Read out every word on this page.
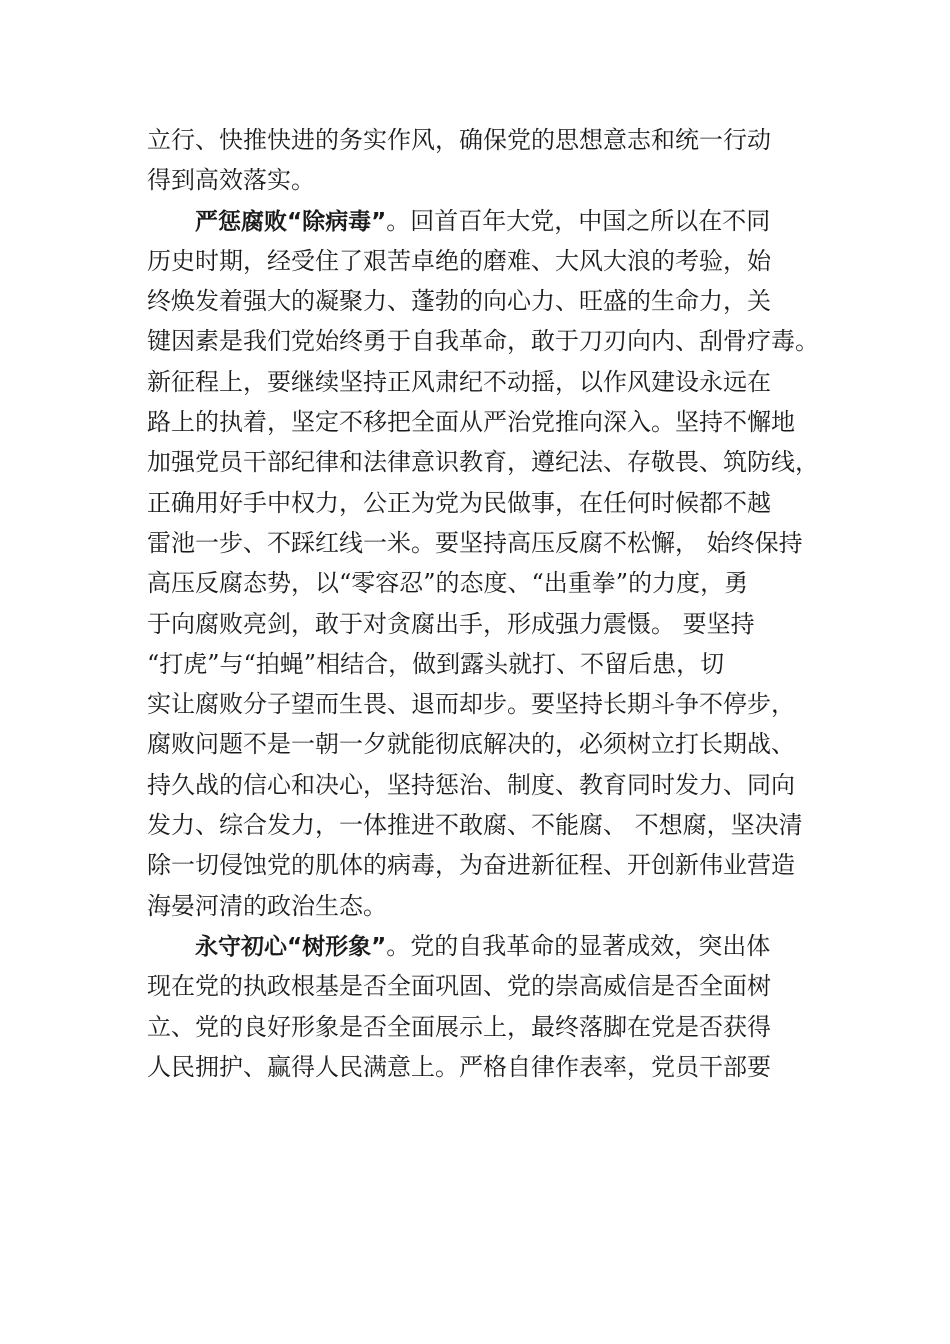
立行、快推快进的务实作风，确保党的思想意志和统一行动
得到高效落实。
严惩腐败“除病毒”。回首百年大党，中国之所以在不同
历史时期，经受住了艰苦卓绝的磨难、大风大浪的考验，始
终焕发着强大的凝聚力、蓬勃的向心力、旺盛的生命力，关
键因素是我们党始终勇于自我革命，敢于刀刃向内、刮骨疗毒。
新征程上，要继续坚持正风肃纪不动摇，以作风建设永远在
路上的执着，坚定不移把全面从严治党推向深入。坚持不懈地
加强党员干部纪律和法律意识教育，遵纪法、存敬畏、筑防线，
正确用好手中权力，公正为党为民做事，在任何时候都不越
雷池一步、不踩红线一米。要坚持高压反腐不松懈， 始终保持
高压反腐态势，以“零容忍”的态度、“出重拳”的力度，勇
于向腐败亮剑，敢于对贪腐出手，形成强力震慑。 要坚持
“打虎”与“拍蝇”相结合，做到露头就打、不留后患，切
实让腐败分子望而生畏、退而却步。要坚持长期斗争不停步，
腐败问题不是一朝一夕就能彻底解决的，必须树立打长期战、
持久战的信心和决心，坚持惩治、制度、教育同时发力、同向
发力、综合发力，一体推进不敢腐、不能腐、 不想腐，坚决清
除一切侵蚀党的肌体的病毒，为奋进新征程、开创新伟业营造
海晏河清的政治生态。
永守初心“树形象”。党的自我革命的显著成效，突出体
现在党的执政根基是否全面巩固、党的崇高威信是否全面树
立、党的良好形象是否全面展示上，最终落脚在党是否获得
人民拥护、赢得人民满意上。严格自律作表率，党员干部要
